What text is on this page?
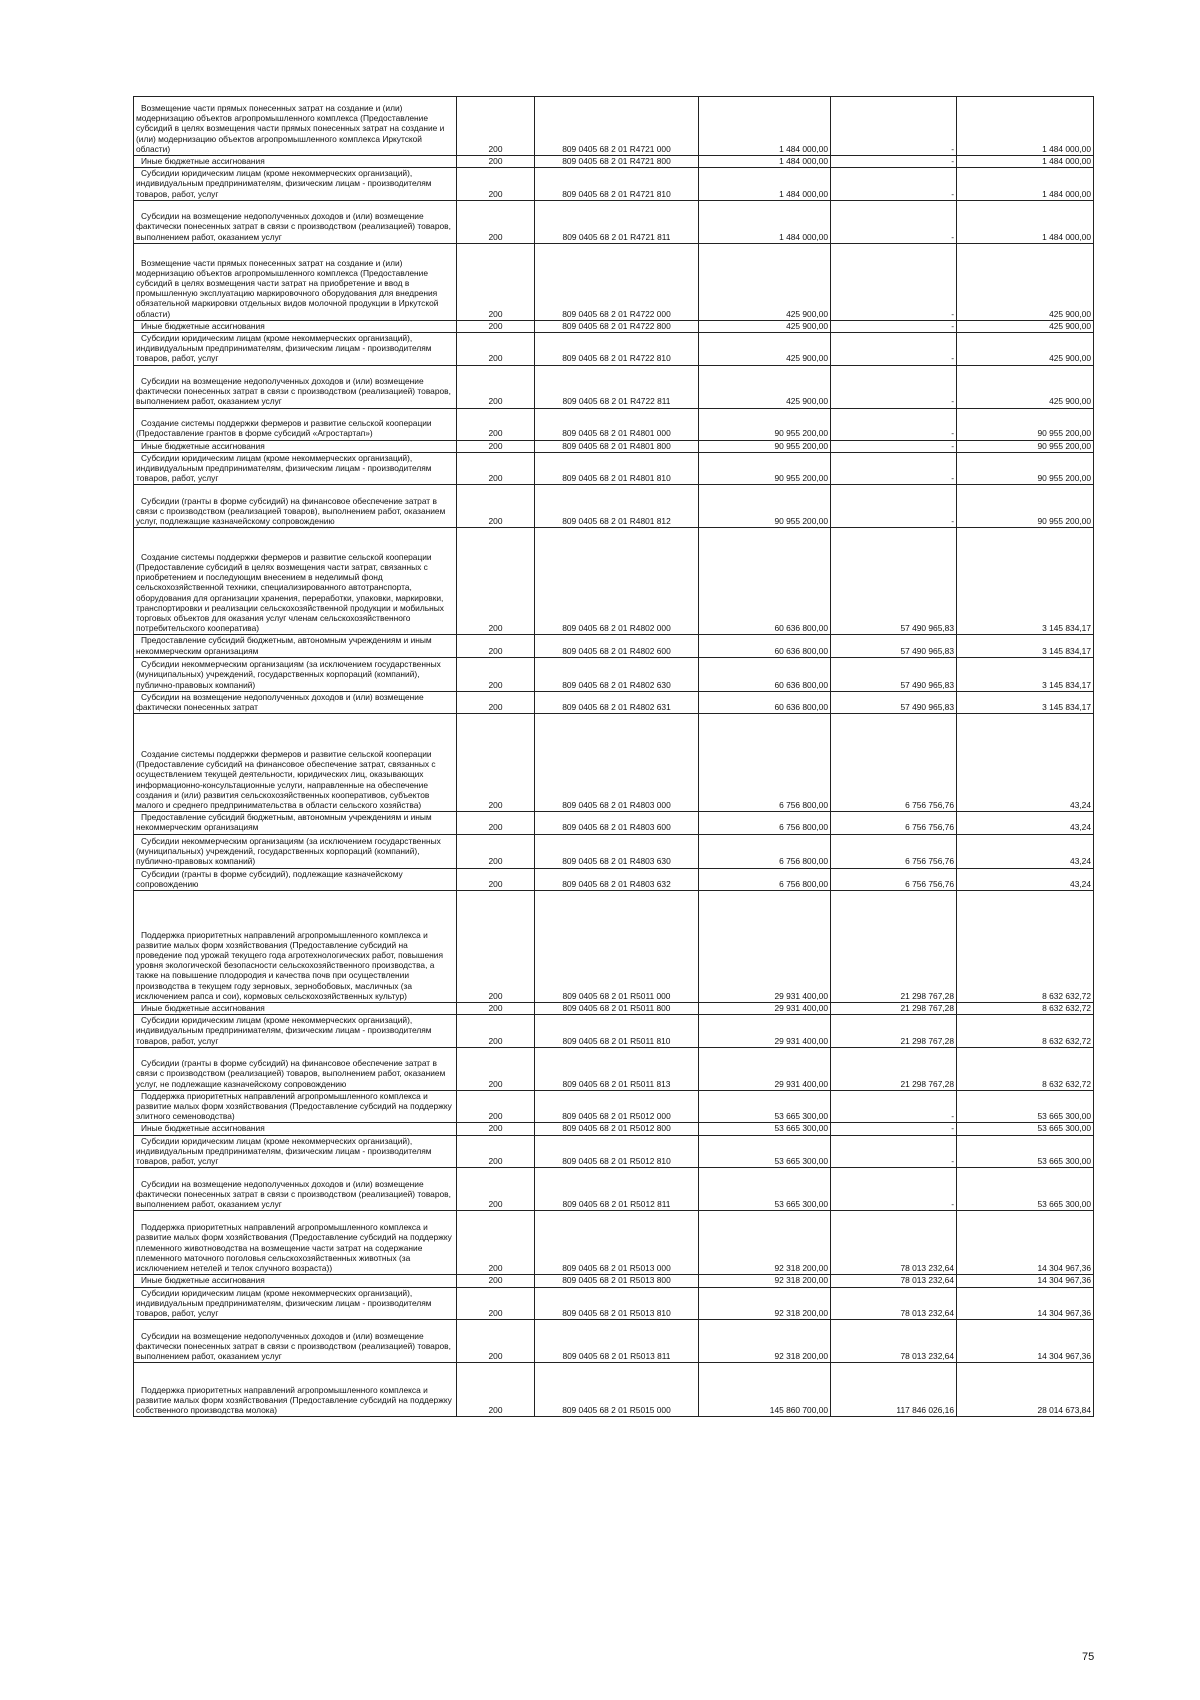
Возмещение части прямых понесенных затрат на создание и (или) модернизацию объектов агропромышленного комплекса (Предоставление субсидий в целях возмещения части прямых понесенных затрат на создание и (или) модернизацию объектов агропромышленного комплекса Иркутской области)	200	809 0405 68 2 01 R4721 000	1 484 000,00	-	1 484 000,00
Иные бюджетные ассигнования	200	809 0405 68 2 01 R4721 800	1 484 000,00	-	1 484 000,00
Субсидии юридическим лицам (кроме некоммерческих организаций), индивидуальным предпринимателям, физическим лицам - производителям товаров, работ, услуг	200	809 0405 68 2 01 R4721 810	1 484 000,00	-	1 484 000,00
Субсидии на возмещение недополученных доходов и (или) возмещение фактически понесенных затрат в связи с производством (реализацией) товаров, выполнением работ, оказанием услуг	200	809 0405 68 2 01 R4721 811	1 484 000,00	-	1 484 000,00
Возмещение части прямых понесенных затрат на создание и (или) модернизацию объектов агропромышленного комплекса (Предоставление субсидий в целях возмещения части затрат на приобретение и ввод в промышленную эксплуатацию маркировочного оборудования для внедрения обязательной маркировки отдельных видов молочной продукции в Иркутской области)	200	809 0405 68 2 01 R4722 000	425 900,00	-	425 900,00
Иные бюджетные ассигнования	200	809 0405 68 2 01 R4722 800	425 900,00	-	425 900,00
Субсидии юридическим лицам (кроме некоммерческих организаций), индивидуальным предпринимателям, физическим лицам - производителям товаров, работ, услуг	200	809 0405 68 2 01 R4722 810	425 900,00	-	425 900,00
Субсидии на возмещение недополученных доходов и (или) возмещение фактически понесенных затрат в связи с производством (реализацией) товаров, выполнением работ, оказанием услуг	200	809 0405 68 2 01 R4722 811	425 900,00	-	425 900,00
Создание системы поддержки фермеров и развитие сельской кооперации (Предоставление грантов в форме субсидий «Агростартап»)	200	809 0405 68 2 01 R4801 000	90 955 200,00	-	90 955 200,00
Иные бюджетные ассигнования	200	809 0405 68 2 01 R4801 800	90 955 200,00	-	90 955 200,00
Субсидии юридическим лицам (кроме некоммерческих организаций), индивидуальным предпринимателям, физическим лицам - производителям товаров, работ, услуг	200	809 0405 68 2 01 R4801 810	90 955 200,00	-	90 955 200,00
Субсидии (гранты в форме субсидий) на финансовое обеспечение затрат в связи с производством (реализацией товаров), выполнением работ, оказанием услуг, подлежащие казначейскому сопровождению	200	809 0405 68 2 01 R4801 812	90 955 200,00	-	90 955 200,00
Создание системы поддержки фермеров и развитие сельской кооперации (Предоставление субсидий в целях возмещения части затрат, связанных с приобретением и последующим внесением в неделимый фонд сельскохозяйственной техники, специализированного автотранспорта, оборудования для организации хранения, переработки, упаковки, маркировки, транспортировки и реализации сельскохозяйственной продукции и мобильных торговых объектов для оказания услуг членам сельскохозяйственного потребительского кооператива)	200	809 0405 68 2 01 R4802 000	60 636 800,00	57 490 965,83	3 145 834,17
Предоставление субсидий бюджетным, автономным учреждениям и иным некоммерческим организациям	200	809 0405 68 2 01 R4802 600	60 636 800,00	57 490 965,83	3 145 834,17
Субсидии некоммерческим организациям (за исключением государственных (муниципальных) учреждений, государственных корпораций (компаний), публично-правовых компаний)	200	809 0405 68 2 01 R4802 630	60 636 800,00	57 490 965,83	3 145 834,17
Субсидии на возмещение недополученных доходов и (или) возмещение фактически понесенных затрат	200	809 0405 68 2 01 R4802 631	60 636 800,00	57 490 965,83	3 145 834,17
Создание системы поддержки фермеров и развитие сельской кооперации (Предоставление субсидий на финансовое обеспечение затрат, связанных с осуществлением текущей деятельности, юридических лиц, оказывающих информационно-консультационные услуги, направленные на обеспечение создания и (или) развития сельскохозяйственных кооперативов, субъектов малого и среднего предпринимательства в области сельского хозяйства)	200	809 0405 68 2 01 R4803 000	6 756 800,00	6 756 756,76	43,24
Предоставление субсидий бюджетным, автономным учреждениям и иным некоммерческим организациям	200	809 0405 68 2 01 R4803 600	6 756 800,00	6 756 756,76	43,24
Субсидии некоммерческим организациям (за исключением государственных (муниципальных) учреждений, государственных корпораций (компаний), публично-правовых компаний)	200	809 0405 68 2 01 R4803 630	6 756 800,00	6 756 756,76	43,24
Субсидии (гранты в форме субсидий), подлежащие казначейскому сопровождению	200	809 0405 68 2 01 R4803 632	6 756 800,00	6 756 756,76	43,24
Поддержка приоритетных направлений агропромышленного комплекса и развитие малых форм хозяйствования (Предоставление субсидий на проведение под урожай текущего года агротехнологических работ, повышения уровня экологической безопасности сельскохозяйственного производства, а также на повышение плодородия и качества почв при осуществлении производства в текущем году зерновых, зернобобовых, масличных (за исключением рапса и сои), кормовых сельскохозяйственных культур)	200	809 0405 68 2 01 R5011 000	29 931 400,00	21 298 767,28	8 632 632,72
Иные бюджетные ассигнования	200	809 0405 68 2 01 R5011 800	29 931 400,00	21 298 767,28	8 632 632,72
Субсидии юридическим лицам (кроме некоммерческих организаций), индивидуальным предпринимателям, физическим лицам - производителям товаров, работ, услуг	200	809 0405 68 2 01 R5011 810	29 931 400,00	21 298 767,28	8 632 632,72
Субсидии (гранты в форме субсидий) на финансовое обеспечение затрат в связи с производством (реализацией) товаров, выполнением работ, оказанием услуг, не подлежащие казначейскому сопровождению	200	809 0405 68 2 01 R5011 813	29 931 400,00	21 298 767,28	8 632 632,72
Поддержка приоритетных направлений агропромышленного комплекса и развитие малых форм хозяйствования (Предоставление субсидий на поддержку элитного семеноводства)	200	809 0405 68 2 01 R5012 000	53 665 300,00	-	53 665 300,00
Иные бюджетные ассигнования	200	809 0405 68 2 01 R5012 800	53 665 300,00	-	53 665 300,00
Субсидии юридическим лицам (кроме некоммерческих организаций), индивидуальным предпринимателям, физическим лицам - производителям товаров, работ, услуг	200	809 0405 68 2 01 R5012 810	53 665 300,00	-	53 665 300,00
Субсидии на возмещение недополученных доходов и (или) возмещение фактически понесенных затрат в связи с производством (реализацией) товаров, выполнением работ, оказанием услуг	200	809 0405 68 2 01 R5012 811	53 665 300,00	-	53 665 300,00
Поддержка приоритетных направлений агропромышленного комплекса и развитие малых форм хозяйствования (Предоставление субсидий на поддержку племенного животноводства на возмещение части затрат на содержание племенного маточного поголовья сельскохозяйственных животных (за исключением нетелей и телок случного возраста))	200	809 0405 68 2 01 R5013 000	92 318 200,00	78 013 232,64	14 304 967,36
Иные бюджетные ассигнования	200	809 0405 68 2 01 R5013 800	92 318 200,00	78 013 232,64	14 304 967,36
Субсидии юридическим лицам (кроме некоммерческих организаций), индивидуальным предпринимателям, физическим лицам - производителям товаров, работ, услуг	200	809 0405 68 2 01 R5013 810	92 318 200,00	78 013 232,64	14 304 967,36
Субсидии на возмещение недополученных доходов и (или) возмещение фактически понесенных затрат в связи с производством (реализацией) товаров, выполнением работ, оказанием услуг	200	809 0405 68 2 01 R5013 811	92 318 200,00	78 013 232,64	14 304 967,36
Поддержка приоритетных направлений агропромышленного комплекса и развитие малых форм хозяйствования (Предоставление субсидий на поддержку собственного производства молока)	200	809 0405 68 2 01 R5015 000	145 860 700,00	117 846 026,16	28 014 673,84
75
